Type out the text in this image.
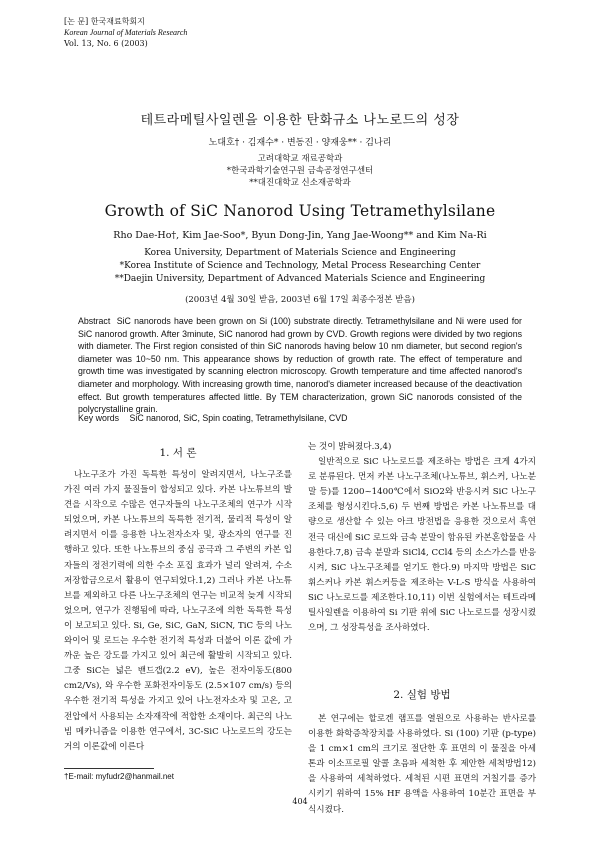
[논 문] 한국재료학회지
Korean Journal of Materials Research
Vol. 13, No. 6 (2003)
테트라메틸사일렌을 이용한 탄화규소 나노로드의 성장
노대호† · 김재수* · 변동진 · 양재웅** · 김나리
고려대학교 재료공학과
*한국과학기술연구원 금속공정연구센터
**대진대학교 신소재공학과
Growth of SiC Nanorod Using Tetramethylsilane
Rho Dae-Ho†, Kim Jae-Soo*, Byun Dong-Jin, Yang Jae-Woong** and Kim Na-Ri
Korea University, Department of Materials Science and Engineering
*Korea Institute of Science and Technology, Metal Process Researching Center
**Daejin University, Department of Advanced Materials Science and Engineering
(2003년 4월 30일 받음, 2003년 6월 17일 최종수정본 받음)
Abstract SiC nanorods have been grown on Si (100) substrate directly. Tetramethylsilane and Ni were used for SiC nanorod growth. After 3minute, SiC nanorod had grown by CVD. Growth regions were divided by two regions with diameter. The First region consisted of thin SiC nanorods having below 10 nm diameter, but second region's diameter was 10~50 nm. This appearance shows by reduction of growth rate. The effect of temperature and growth time was investigated by scanning electron microscopy. Growth temperature and time affected nanorod's diameter and morphology. With increasing growth time, nanorod's diameter increased because of the deactivation effect. But growth temperatures affected little. By TEM characterization, grown SiC nanorods consisted of the polycrystalline grain.
Key words SiC nanorod, SiC, Spin coating, Tetramethylsilane, CVD
1. 서 론

나노구조가 가진 독특한 특성이 알려지면서, 나노구조를 가진 여러 가지 물질들이 합성되고 있다. 카본 나노튜브의 발견을 시작으로 수많은 연구자들의 나노구조체의 연구가 시작되었으며, 카본 나노튜브의 독특한 전기적, 물리적 특성이 알려지면서 이를 응용한 나노전자소자 및, 광소자의 연구를 진행하고 있다. 또한 나노튜브의 중심 공극과 그 주변의 카본 입자들의 정전기력에 의한 수소 포집 효과가 널리 알려져, 수소저장합금으로서 활용이 연구되었다.1,2) 그러나 카본 나노튜브를 제외하고 다른 나노구조체의 연구는 비교적 늦게 시작되었으며, 연구가 진행됨에 따라, 나노구조에 의한 독특한 특성이 보고되고 있다. Si, Ge, SiC, GaN, SiCN, TiC 등의 나노와이어 및 로드는 우수한 전기적 특성과 더불어 이론 값에 가까운 높은 강도를 가지고 있어 최근에 활발히 시작되고 있다. 그중 SiC는 넓은 밴드갭(2.2 eV), 높은 전자이동도(800 cm2/Vs), 와 우수한 포화전자이동도 (2.5×107 cm/s) 등의 우수한 전기적 특성을 가지고 있어 나노전자소자 및 고온, 고전압에서 사용되는 소자재작에 적합한 소재이다. 최근의 나노빔 메카니즘을 이용한 연구에서, 3C-SiC 나노로드의 강도는 거의 이론값에 이른다

는 것이 밝혀졌다.3,4)

일반적으로 SiC 나노로드를 제조하는 방법은 크게 4가지로 분류된다. 먼저 카본 나노구조체(나노튜브, 휘스커, 나노분말 등)를 1200~1400℃에서 SiO2와 반응시켜 SiC 나노구조체를 형성시킨다.5,6) 두 번째 방법은 카본 나노튜브를 대량으로 생산할 수 있는 아크 방전법을 응용한 것으로서 흑연 전극 대신에 SiC 로드와 금속 분말이 함유된 카본혼합물을 사용한다.7,8) 금속 분말과 SiCl4, CCl4 등의 소스가스를 반응시켜, SiC 나노구조체를 얻기도 한다.9) 마지막 방법은 SiC 휘스커나 카본 휘스커등을 제조하는 V-L-S 방식을 사용하여 SiC 나노로드를 제조한다.10,11) 이번 실험에서는 테트라메틸사일렌을 이용하여 Si 기판 위에 SiC 나노로드를 성장시켰으며, 그 성장특성을 조사하였다.

2. 실험 방법

본 연구에는 할로겐 램프를 열원으로 사용하는 반사로를 이용한 화학증착장치를 사용하였다. Si (100) 기판 (p-type)을 1 cm×1 cm의 크기로 절단한 후 표면의 이 물질을 아세톤과 이소프로필 알콜 초음파 세척한 후 제안한 세척방법12)을 사용하여 세척하였다. 세척된 시편 표면의 거칠기를 증가시키기 위하여 15% HF 용액을 사용하여 10분간 표면을 부식시켰다.

†E-mail: myfudr2@hanmail.net
404
